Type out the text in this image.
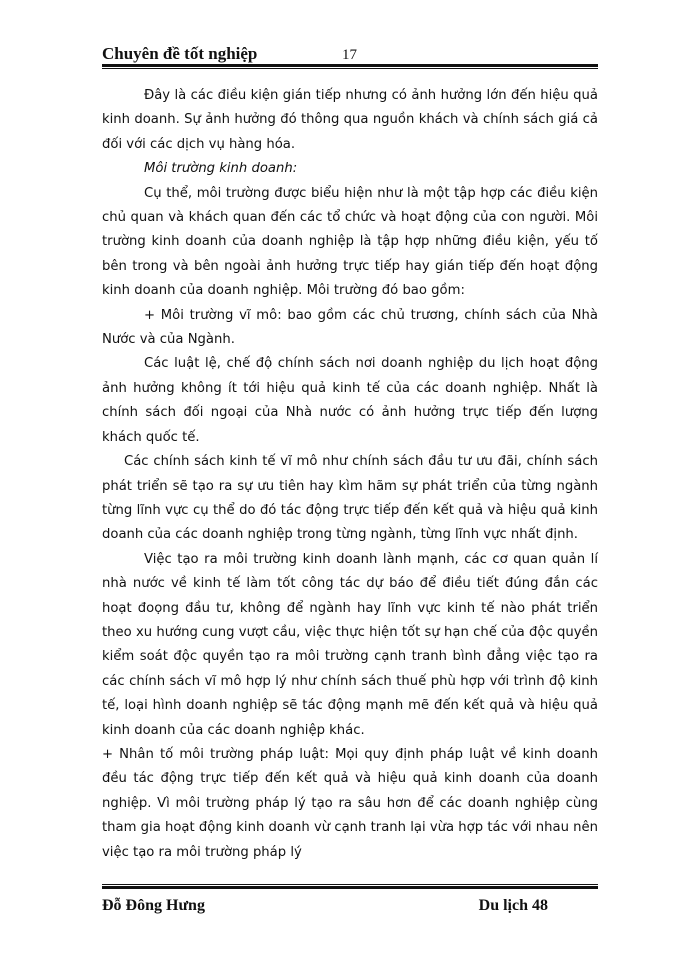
Chuyên đề tốt nghiệp	17

Đây là các điều kiện gián tiếp nhưng có ảnh hưởng lớn đến hiệu quả kinh doanh. Sự ảnh hưởng đó thông qua nguồn khách và chính sách giá cả đối với các dịch vụ hàng hóa.

Môi trường kinh doanh:

Cụ thể, môi trường được biểu hiện như là một tập hợp các điều kiện chủ quan và khách quan đến các tổ chức và hoạt động của con người. Môi trường kinh doanh của doanh nghiệp là tập hợp những điều kiện, yếu tố bên trong và bên ngoài ảnh hưởng trực tiếp hay gián tiếp đến hoạt động kinh doanh của doanh nghiệp. Môi trường đó bao gồm:

+ Môi trường vĩ mô: bao gồm các chủ trương, chính sách của Nhà Nước và của Ngành.

Các luật lệ, chế độ chính sách nơi doanh nghiệp du lịch hoạt động ảnh hưởng không ít tới hiệu quả kinh tế của các doanh nghiệp. Nhất là chính sách đối ngoại của Nhà nước có ảnh hưởng trực tiếp đến lượng khách quốc tế.

Các chính sách kinh tế vĩ mô như chính sách đầu tư ưu đãi, chính sách phát triển sẽ tạo ra sự ưu tiên hay kìm hãm sự phát triển của từng ngành từng lĩnh vực cụ thể do đó tác động trực tiếp đến kết quả và hiệu quả kinh doanh của các doanh nghiệp trong từng ngành, từng lĩnh vực nhất định.

Việc tạo ra môi trường kinh doanh lành mạnh, các cơ quan quản lí nhà nước về kinh tế làm tốt công tác dự báo để điều tiết đúng đắn các hoạt đoọng đầu tư, không để ngành hay lĩnh vực kinh tế nào phát triển theo xu hướng cung vượt cầu, việc thực hiện tốt sự hạn chế của độc quyền kiểm soát độc quyền tạo ra môi trường cạnh tranh bình đẳng việc tạo ra các chính sách vĩ mô hợp lý như chính sách thuế phù hợp với trình độ kinh tế, loại hình doanh nghiệp sẽ tác động mạnh mẽ đến kết quả và hiệu quả kinh doanh của các doanh nghiệp khác.

+ Nhân tố môi trường pháp luật: Mọi quy định pháp luật về kinh doanh đều tác động trực tiếp đến kết quả và hiệu quả kinh doanh của doanh nghiệp. Vì môi trường pháp lý tạo ra sâu hơn để các doanh nghiệp cùng tham gia hoạt động kinh doanh vừ cạnh tranh lại vừa hợp tác với nhau nên việc tạo ra môi trường pháp lý

Đỗ Đông Hưng	Du lịch 48
